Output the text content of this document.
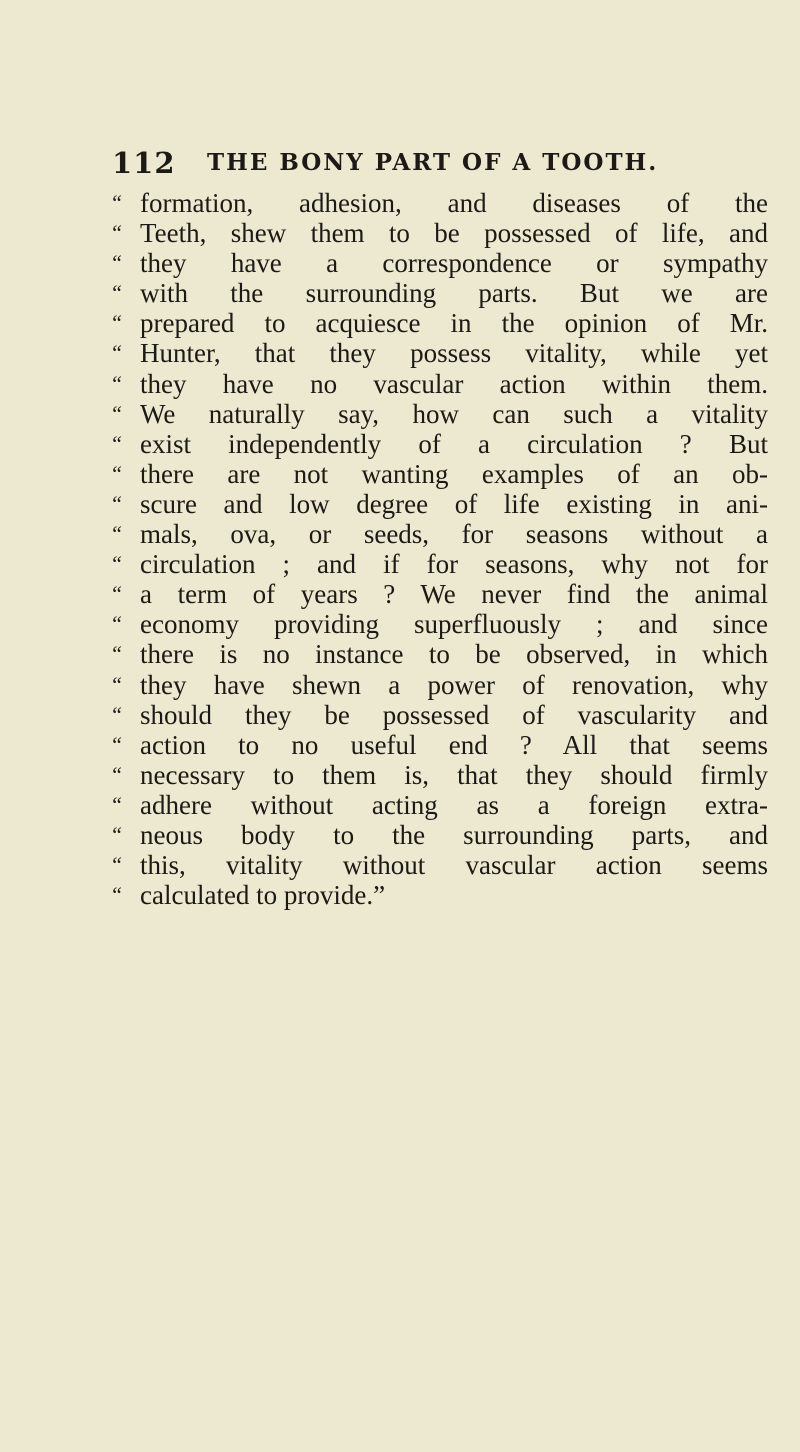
112 THE BONY PART OF A TOOTH.
“ formation, adhesion, and diseases of the
“ Teeth, shew them to be possessed of life, and
“ they have a correspondence or sympathy
“ with the surrounding parts. But we are
“ prepared to acquiesce in the opinion of Mr.
“ Hunter, that they possess vitality, while yet
“ they have no vascular action within them.
“ We naturally say, how can such a vitality
“ exist independently of a circulation ? But
“ there are not wanting examples of an ob-
“ scure and low degree of life existing in ani-
“ mals, ova, or seeds, for seasons without a
“ circulation ; and if for seasons, why not for
“ a term of years ? We never find the animal
“ economy providing superfluously ; and since
“ there is no instance to be observed, in which
“ they have shewn a power of renovation, why
“ should they be possessed of vascularity and
“ action to no useful end ? All that seems
“ necessary to them is, that they should firmly
“ adhere without acting as a foreign extra-
“ neous body to the surrounding parts, and
“ this, vitality without vascular action seems
“ calculated to provide.”
